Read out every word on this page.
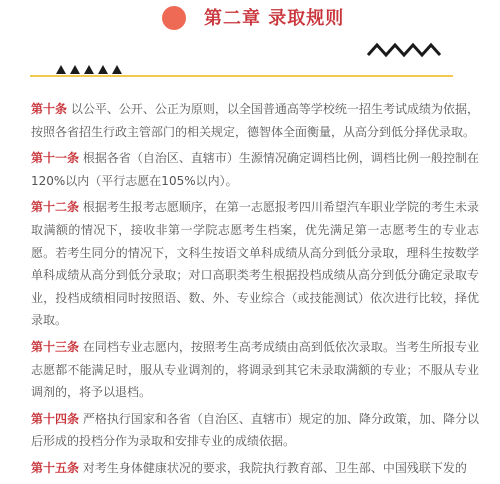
第二章 录取规则

第十条 以公平、公开、公正为原则，以全国普通高等学校统一招生考试成绩为依据，按照各省招生行政主管部门的相关规定，德智体全面衡量，从高分到低分择优录取。

第十一条 根据各省（自治区、直辖市）生源情况确定调档比例，调档比例一般控制在120%以内（平行志愿在105%以内）。

第十二条 根据考生报考志愿顺序，在第一志愿报考四川希望汽车职业学院的考生未录取满额的情况下，接收非第一学院志愿考生档案，优先满足第一志愿考生的专业志愿。若考生同分的情况下，文科生按语文单科成绩从高分到低分录取，理科生按数学单科成绩从高分到低分录取；对口高职类考生根据投档成绩从高分到低分确定录取专业，投档成绩相同时按照语、数、外、专业综合（或技能测试）依次进行比较，择优录取。

第十三条 在同档专业志愿内，按照考生高考成绩由高到低依次录取。当考生所报专业志愿都不能满足时，服从专业调剂的，将调录到其它未录取满额的专业；不服从专业调剂的，将予以退档。

第十四条 严格执行国家和各省（自治区、直辖市）规定的加、降分政策，加、降分以后形成的投档分作为录取和安排专业的成绩依据。

第十五条 对考生身体健康状况的要求，我院执行教育部、卫生部、中国残联下发的
